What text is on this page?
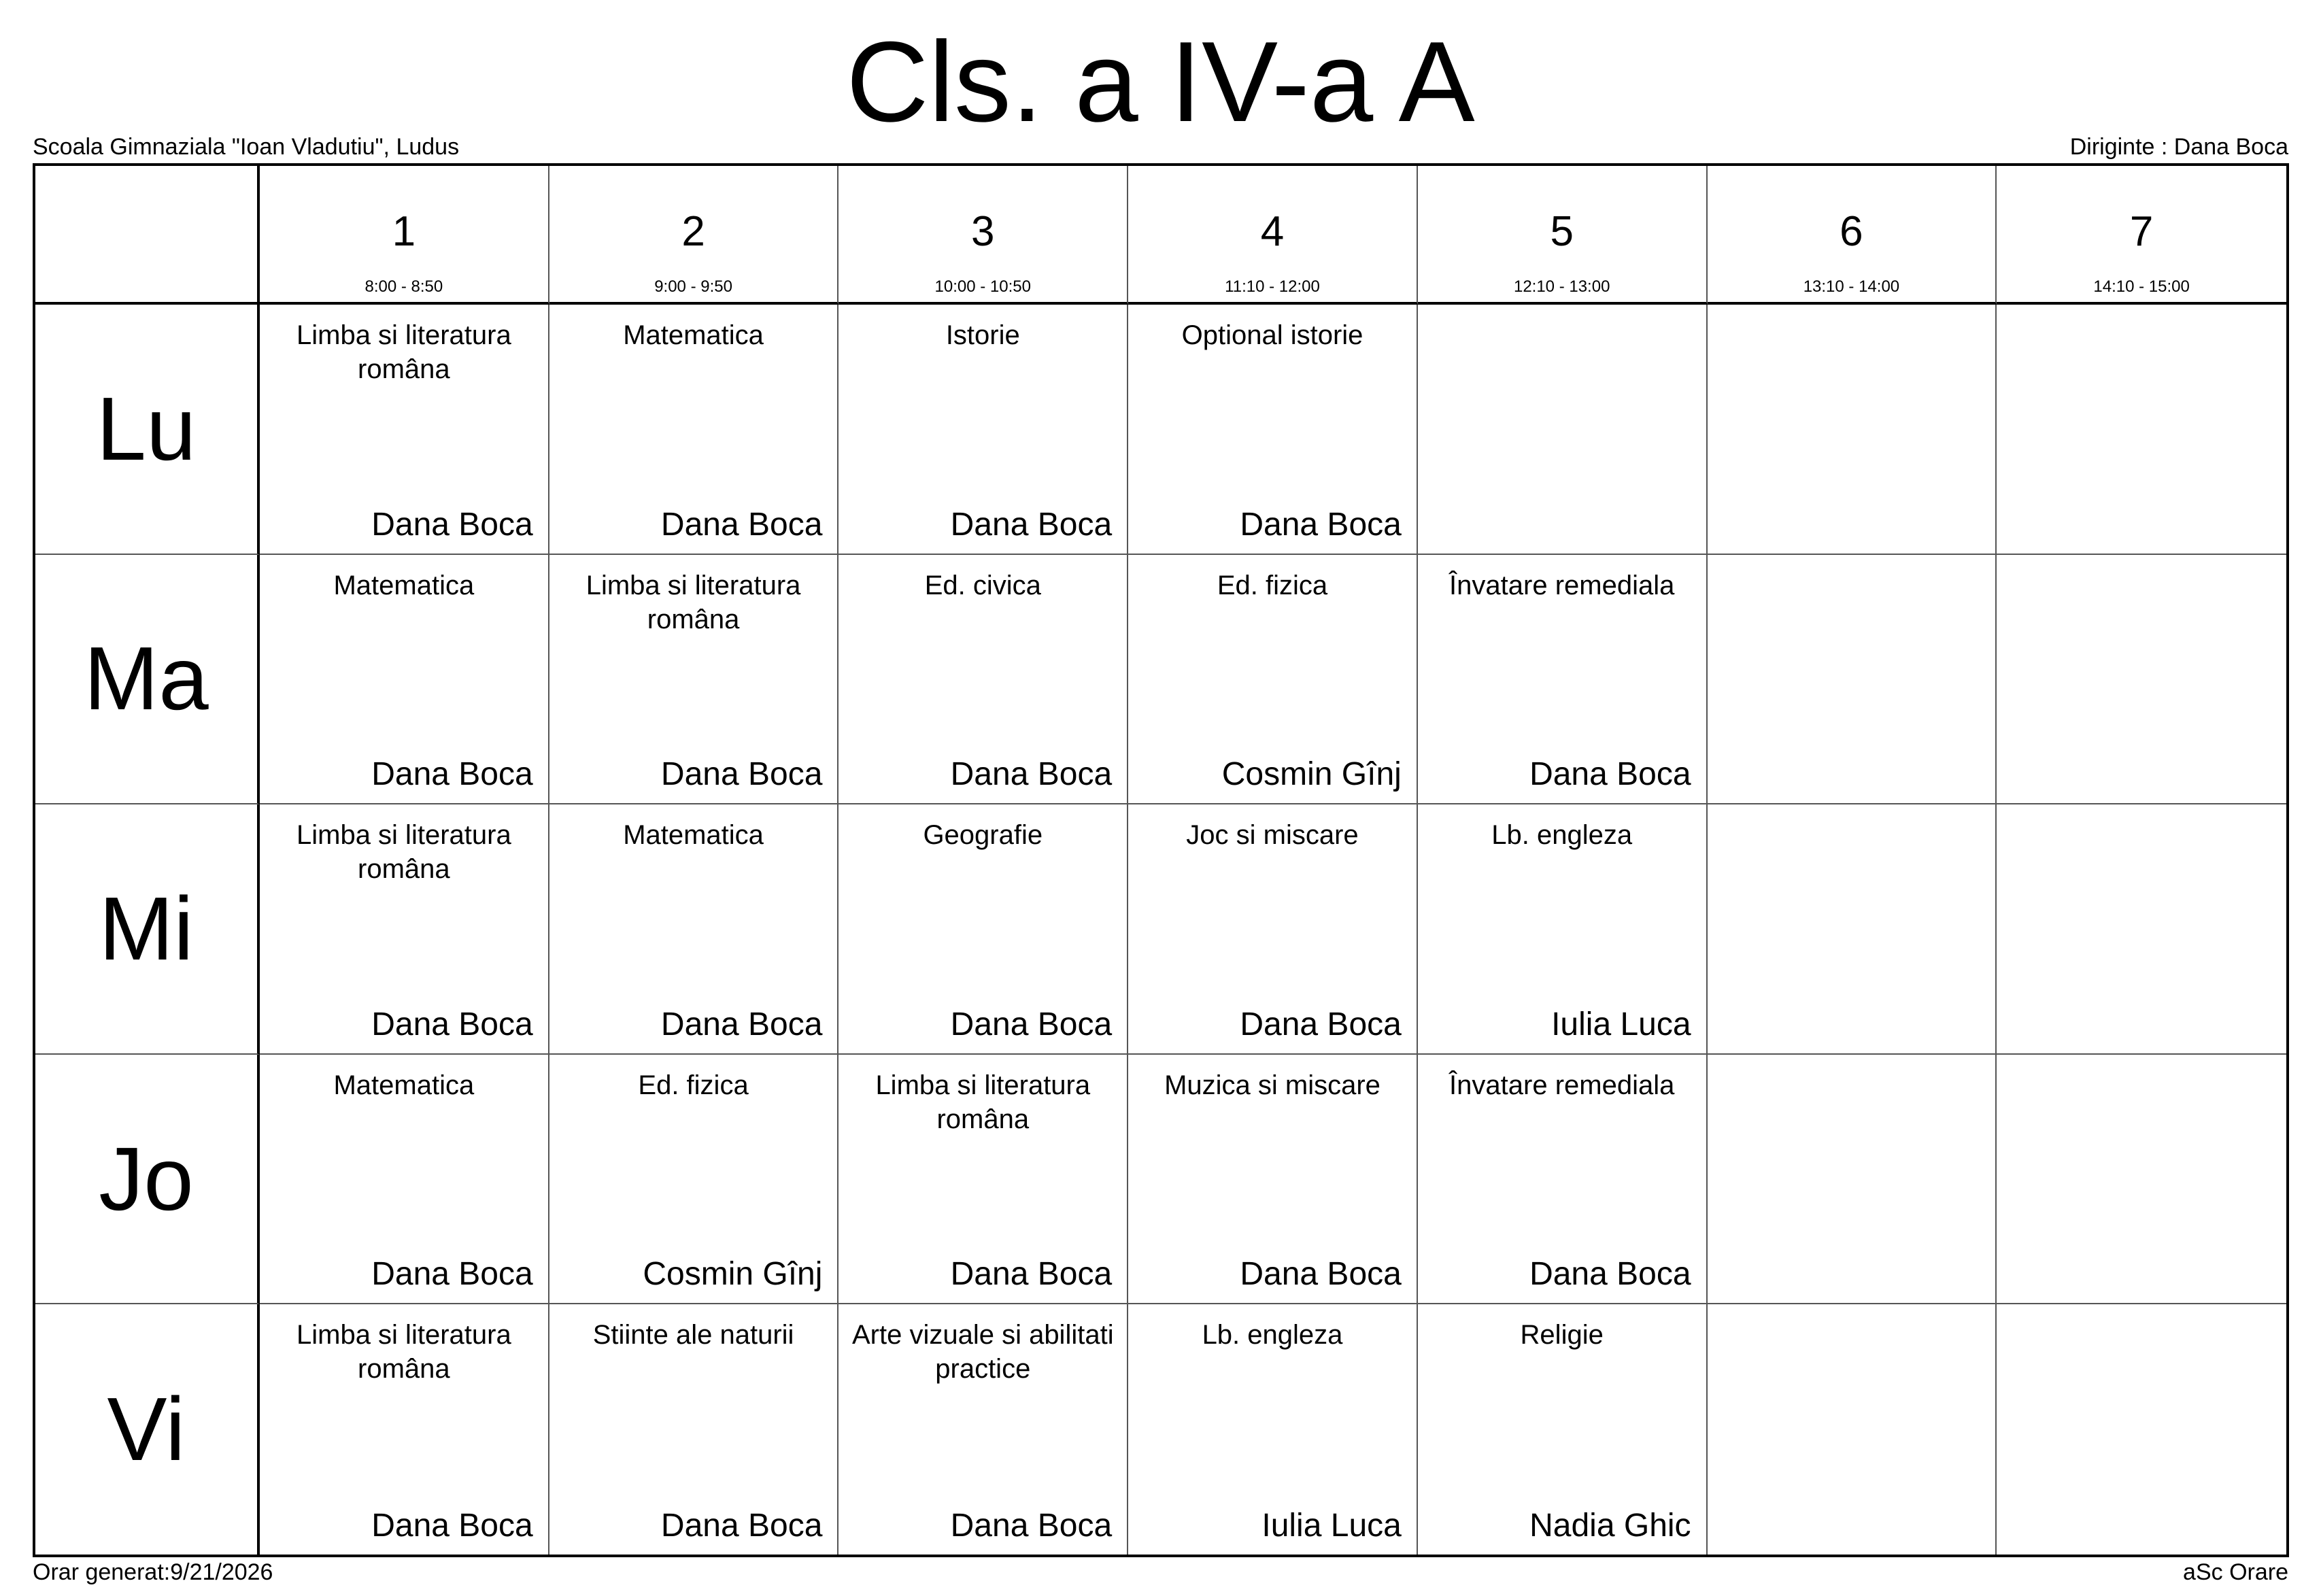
Cls. a IV-a A
Scoala Gimnaziala "Ioan Vladutiu", Ludus	Diriginte : Dana Boca
1
8:00 - 8:50
2
9:00 - 9:50
3
10:00 - 10:50
4
11:10 - 12:00
5
12:10 - 13:00
6
13:10 - 14:00
7
14:10 - 15:00
Lu
Limba si literatura româna
Dana Boca
Matematica
Dana Boca
Istorie
Dana Boca
Optional istorie
Dana Boca
Ma
Matematica
Dana Boca
Limba si literatura româna
Dana Boca
Ed. civica
Dana Boca
Ed. fizica
Cosmin Gînj
Învatare remediala
Dana Boca
Mi
Limba si literatura româna
Dana Boca
Matematica
Dana Boca
Geografie
Dana Boca
Joc si miscare
Dana Boca
Lb. engleza
Iulia Luca
Jo
Matematica
Dana Boca
Ed. fizica
Cosmin Gînj
Limba si literatura româna
Dana Boca
Muzica si miscare
Dana Boca
Învatare remediala
Dana Boca
Vi
Limba si literatura româna
Dana Boca
Stiinte ale naturii
Dana Boca
Arte vizuale si abilitati practice
Dana Boca
Lb. engleza
Iulia Luca
Religie
Nadia Ghic
Orar generat:9/21/2026	aSc Orare
